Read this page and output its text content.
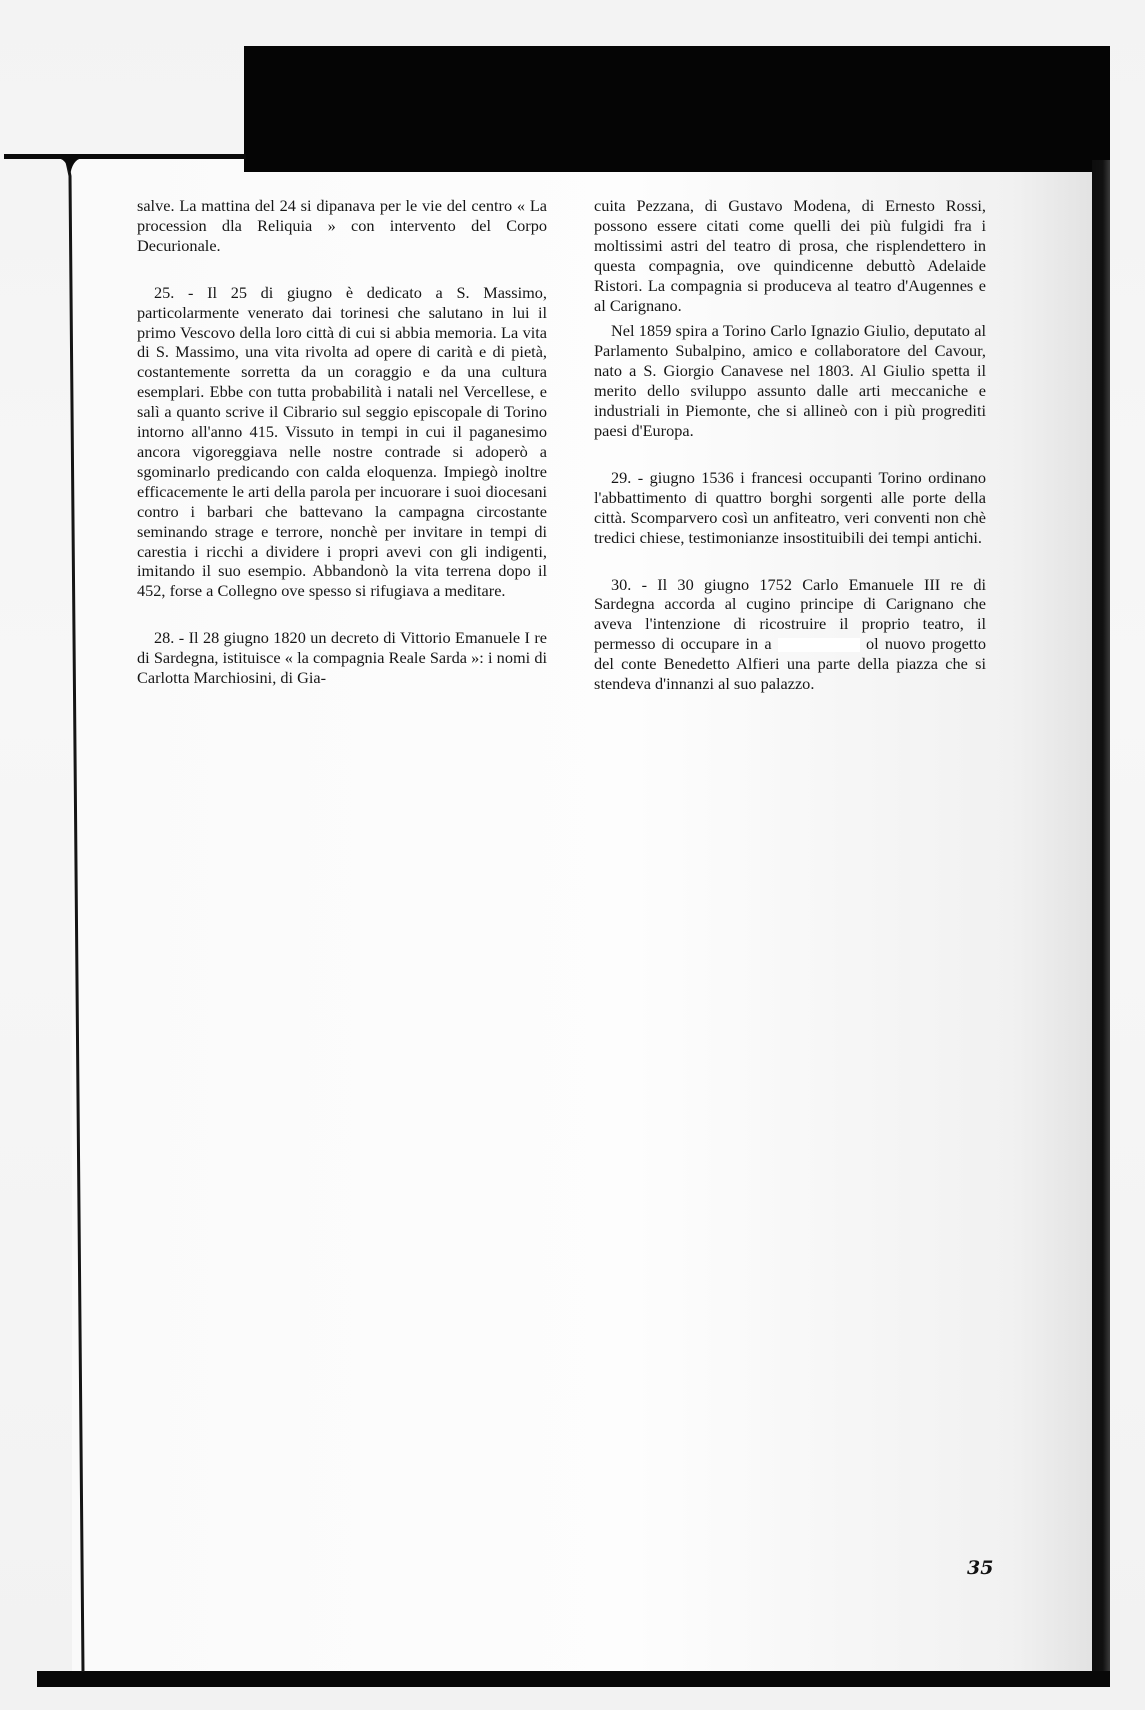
salve. La mattina del 24 si dipanava per le vie del centro « La procession dla Reliquia » con intervento del Corpo Decurionale.

25. - Il 25 di giugno è dedicato a S. Massimo, particolarmente venerato dai torinesi che salutano in lui il primo Vescovo della loro città di cui si abbia memoria. La vita di S. Massimo, una vita rivolta ad opere di carità e di pietà, costantemente sorretta da un coraggio e da una cultura esemplari. Ebbe con tutta probabilità i natali nel Vercellese, e salì a quanto scrive il Cibrario sul seggio episcopale di Torino intorno all'anno 415. Vissuto in tempi in cui il paganesimo ancora vigoreggiava nelle nostre contrade si adoperò a sgominarlo predicando con calda eloquenza. Impiegò inoltre efficacemente le arti della parola per incuorare i suoi diocesani contro i barbari che battevano la campagna circostante seminando strage e terrore, nonchè per invitare in tempi di carestia i ricchi a dividere i propri avevi con gli indigenti, imitando il suo esempio. Abbandonò la vita terrena dopo il 452, forse a Collegno ove spesso si rifugiava a meditare.

28. - Il 28 giugno 1820 un decreto di Vittorio Emanuele I re di Sardegna, istituisce « la compagnia Reale Sarda »: i nomi di Carlotta Marchiosini, di Gia-

cuita Pezzana, di Gustavo Modena, di Ernesto Rossi, possono essere citati come quelli dei più fulgidi fra i moltissimi astri del teatro di prosa, che risplendettero in questa compagnia, ove quindicenne debuttò Adelaide Ristori. La compagnia si produceva al teatro d'Augennes e al Carignano.

Nel 1859 spira a Torino Carlo Ignazio Giulio, deputato al Parlamento Subalpino, amico e collaboratore del Cavour, nato a S. Giorgio Canavese nel 1803. Al Giulio spetta il merito dello sviluppo assunto dalle arti meccaniche e industriali in Piemonte, che si allineò con i più progrediti paesi d'Europa.

29. - giugno 1536 i francesi occupanti Torino ordinano l'abbattimento di quattro borghi sorgenti alle porte della città. Scomparvero così un anfiteatro, veri conventi non chè tredici chiese, testimonianze insostituibili dei tempi antichi.

30. - Il 30 giugno 1752 Carlo Emanuele III re di Sardegna accorda al cugino principe di Carignano che aveva l'intenzione di ricostruire il proprio teatro, il permesso di occupare in a	ol nuovo progetto del conte Benedetto Alfieri una parte della piazza che si stendeva d'innanzi al suo palazzo.

35
